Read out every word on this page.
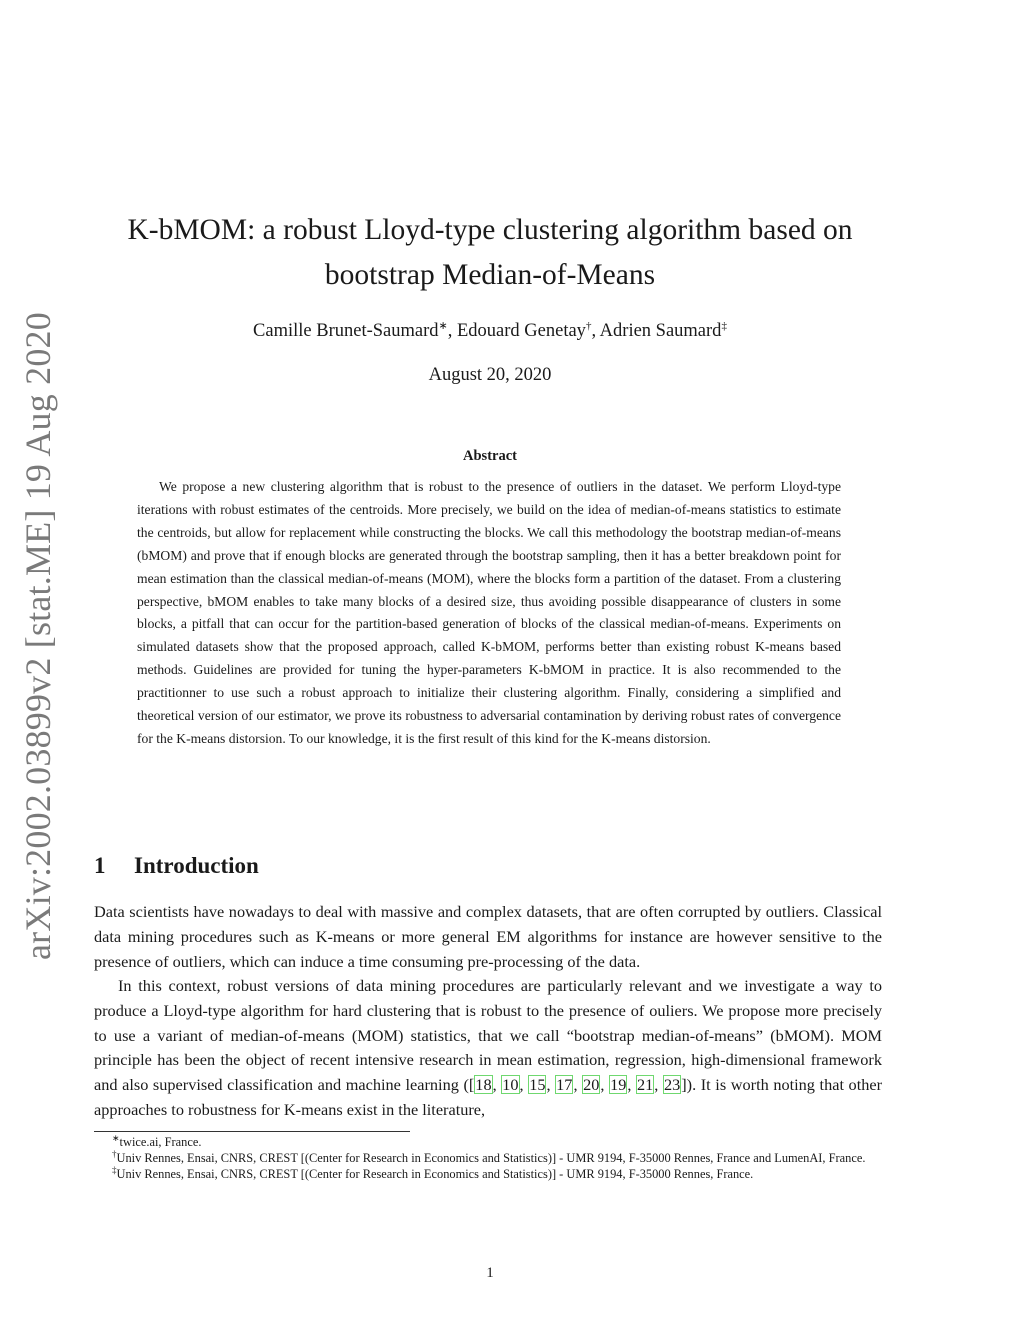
arXiv:2002.03899v2 [stat.ME] 19 Aug 2020
K-bMOM: a robust Lloyd-type clustering algorithm based on
bootstrap Median-of-Means
Camille Brunet-Saumard∗, Edouard Genetay†, Adrien Saumard‡
August 20, 2020
Abstract

We propose a new clustering algorithm that is robust to the presence of outliers in the dataset. We perform Lloyd-type iterations with robust estimates of the centroids. More precisely, we build on the idea of median-of-means statistics to estimate the centroids, but allow for replacement while constructing the blocks. We call this methodology the bootstrap median-of-means (bMOM) and prove that if enough blocks are generated through the bootstrap sampling, then it has a better breakdown point for mean estimation than the classical median-of-means (MOM), where the blocks form a partition of the dataset. From a clustering perspective, bMOM enables to take many blocks of a desired size, thus avoiding possible disappearance of clusters in some blocks, a pitfall that can occur for the partition-based generation of blocks of the classical median-of-means. Experiments on simulated datasets show that the proposed approach, called K-bMOM, performs better than existing robust K-means based methods. Guidelines are provided for tuning the hyper-parameters K-bMOM in practice. It is also recommended to the practitionner to use such a robust approach to initialize their clustering algorithm. Finally, considering a simplified and theoretical version of our estimator, we prove its robustness to adversarial contamination by deriving robust rates of convergence for the K-means distorsion. To our knowledge, it is the first result of this kind for the K-means distorsion.

1 Introduction

Data scientists have nowadays to deal with massive and complex datasets, that are often corrupted by outliers. Classical data mining procedures such as K-means or more general EM algorithms for instance are however sensitive to the presence of outliers, which can induce a time consuming pre-processing of the data.

In this context, robust versions of data mining procedures are particularly relevant and we investigate a way to produce a Lloyd-type algorithm for hard clustering that is robust to the presence of ouliers. We propose more precisely to use a variant of median-of-means (MOM) statistics, that we call “bootstrap median-of-means” (bMOM). MOM principle has been the object of recent intensive research in mean estimation, regression, high-dimensional framework and also supervised classification and machine learning ([18, 10, 15, 17, 20, 19, 21, 23]). It is worth noting that other approaches to robustness for K-means exist in the literature,

∗twice.ai, France.

†Univ Rennes, Ensai, CNRS, CREST [(Center for Research in Economics and Statistics)] - UMR 9194, F-35000 Rennes, France and LumenAI, France.

‡Univ Rennes, Ensai, CNRS, CREST [(Center for Research in Economics and Statistics)] - UMR 9194, F-35000 Rennes, France.

1
